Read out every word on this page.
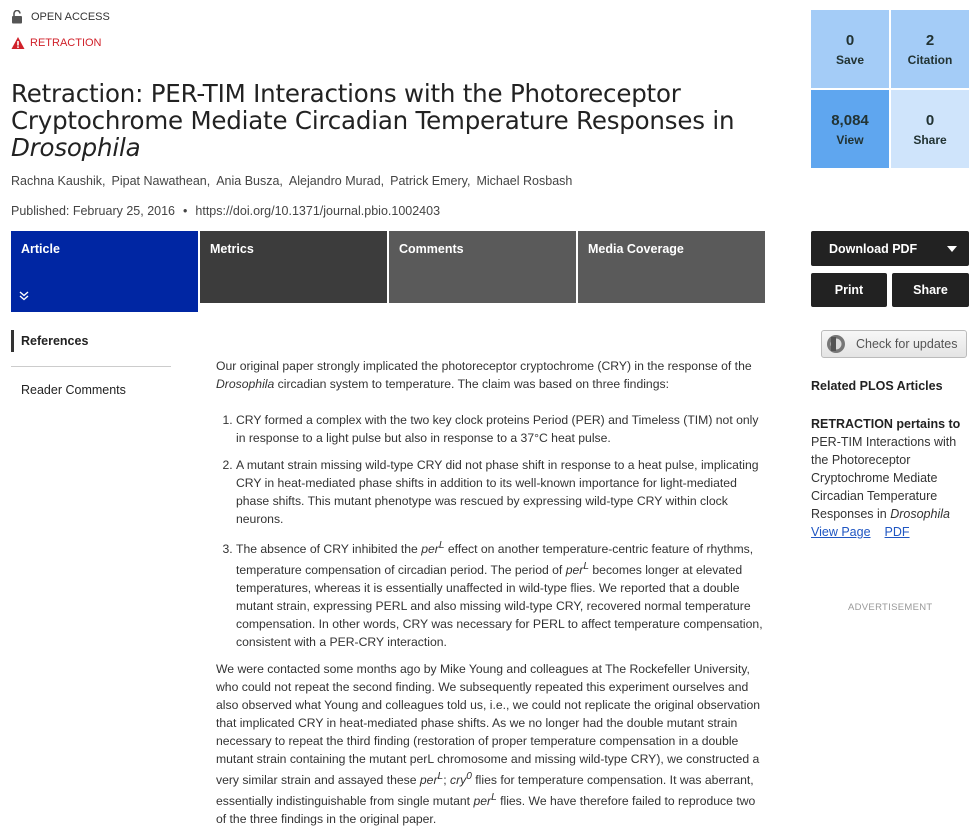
OPEN ACCESS
RETRACTION
Retraction: PER-TIM Interactions with the Photoreceptor Cryptochrome Mediate Circadian Temperature Responses in Drosophila
Rachna Kaushik, Pipat Nawathean, Ania Busza, Alejandro Murad, Patrick Emery, Michael Rosbash
Published: February 25, 2016 • https://doi.org/10.1371/journal.pbio.1002403
Article	Metrics	Comments	Media Coverage
References
Reader Comments

Our original paper strongly implicated the photoreceptor cryptochrome (CRY) in the response of the Drosophila circadian system to temperature. The claim was based on three findings:

1. CRY formed a complex with the two key clock proteins Period (PER) and Timeless (TIM) not only in response to a light pulse but also in response to a 37°C heat pulse.
2. A mutant strain missing wild-type CRY did not phase shift in response to a heat pulse, implicating CRY in heat-mediated phase shifts in addition to its well-known importance for light-mediated phase shifts. This mutant phenotype was rescued by expressing wild-type CRY within clock neurons.
3. The absence of CRY inhibited the per$^L$ effect on another temperature-centric feature of rhythms, temperature compensation of circadian period. The period of per$^L$ becomes longer at elevated temperatures, whereas it is essentially unaffected in wild-type flies. We reported that a double mutant strain, expressing PERL and also missing wild-type CRY, recovered normal temperature compensation. In other words, CRY was necessary for PERL to affect temperature compensation, consistent with a PER-CRY interaction.

We were contacted some months ago by Mike Young and colleagues at The Rockefeller University, who could not repeat the second finding. We subsequently repeated this experiment ourselves and also observed what Young and colleagues told us, i.e., we could not replicate the original observation that implicated CRY in heat-mediated phase shifts. As we no longer had the double mutant strain necessary to repeat the third finding (restoration of proper temperature compensation in a double mutant strain containing the mutant perL chromosome and missing wild-type CRY), we constructed a very similar strain and assayed these per$^L$; cry$^0$ flies for temperature compensation. It was aberrant, essentially indistinguishable from single mutant per$^L$ flies. We have therefore failed to reproduce two of the three findings in the original paper.

0
Save
2
Citation
8,084
View
0
Share
Download PDF
Print	Share
Check for updates
Related PLOS Articles
RETRACTION pertains to
PER-TIM Interactions with the Photoreceptor Cryptochrome Mediate Circadian Temperature Responses in Drosophila
View Page PDF
ADVERTISEMENT
